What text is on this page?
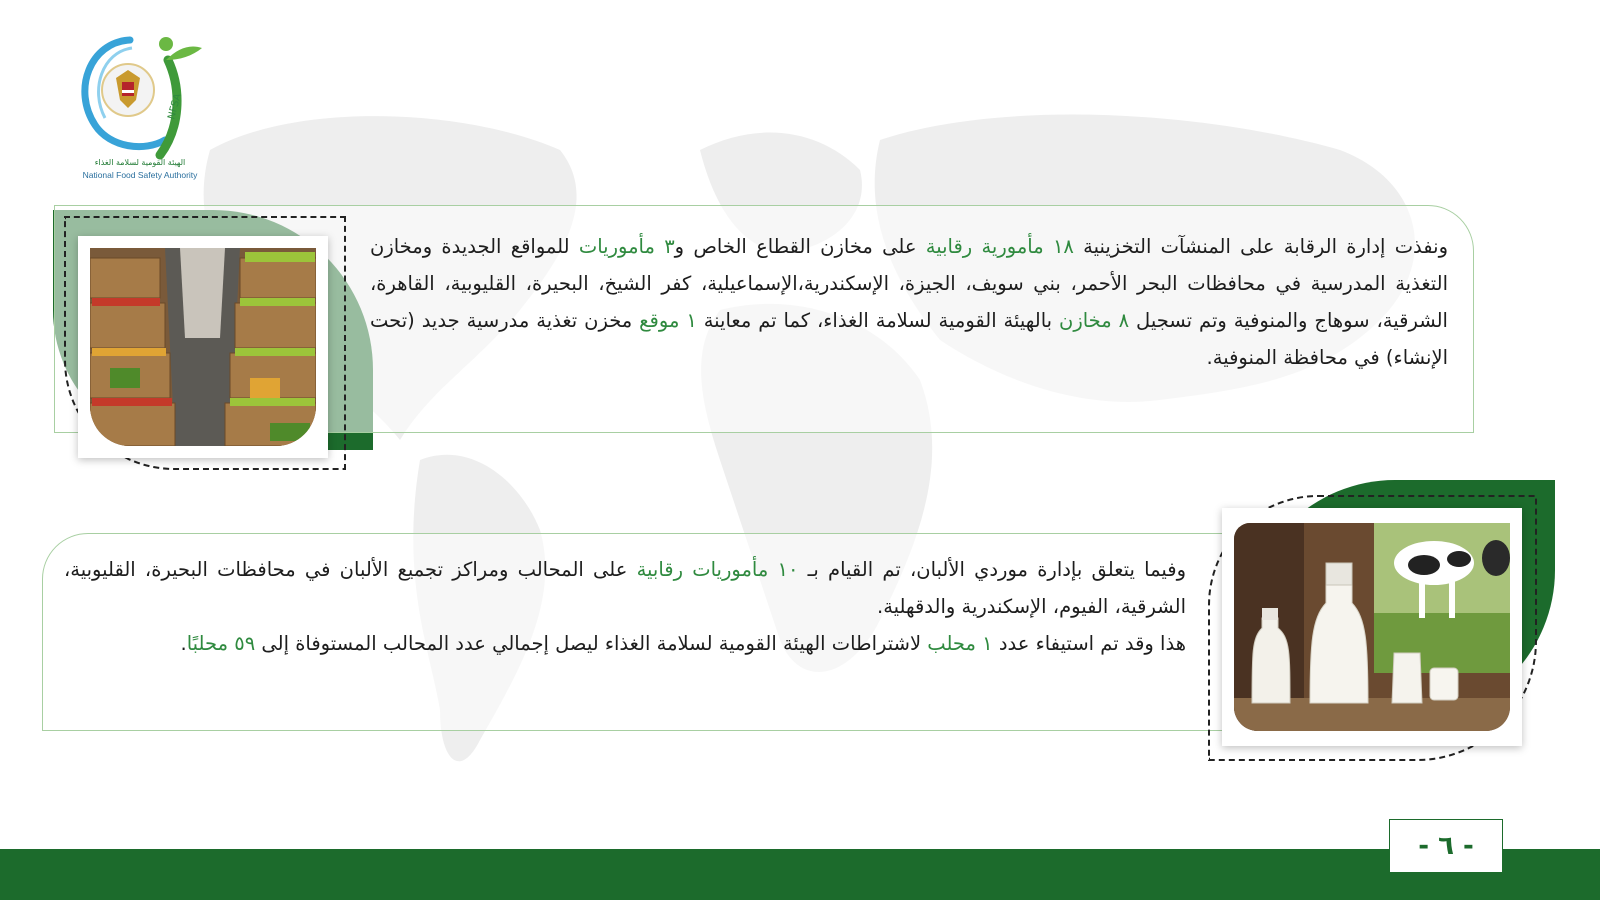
NFSA
الهيئة القومية لسلامة الغذاء
National Food Safety Authority
ونفذت إدارة الرقابة على المنشآت التخزينية ١٨ مأمورية رقابية على مخازن القطاع الخاص و٣ مأموريات للمواقع الجديدة ومخازن التغذية المدرسية في محافظات البحر الأحمر، بني سويف، الجيزة، الإسكندرية،الإسماعيلية، كفر الشيخ، البحيرة، القليوبية، القاهرة، الشرقية، سوهاج والمنوفية وتم تسجيل ٨ مخازن بالهيئة القومية لسلامة الغذاء، كما تم معاينة ١ موقع مخزن تغذية مدرسية جديد (تحت الإنشاء) في محافظة المنوفية.
وفيما يتعلق بإدارة موردي الألبان، تم القيام بـ ١٠ مأموريات رقابية على المحالب ومراكز تجميع الألبان في محافظات البحيرة، القليوبية، الشرقية، الفيوم، الإسكندرية والدقهلية.
هذا وقد تم استيفاء عدد ١ محلب لاشتراطات الهيئة القومية لسلامة الغذاء ليصل إجمالي عدد المحالب المستوفاة إلى ٥٩ محلبًا.
- ٦ -
